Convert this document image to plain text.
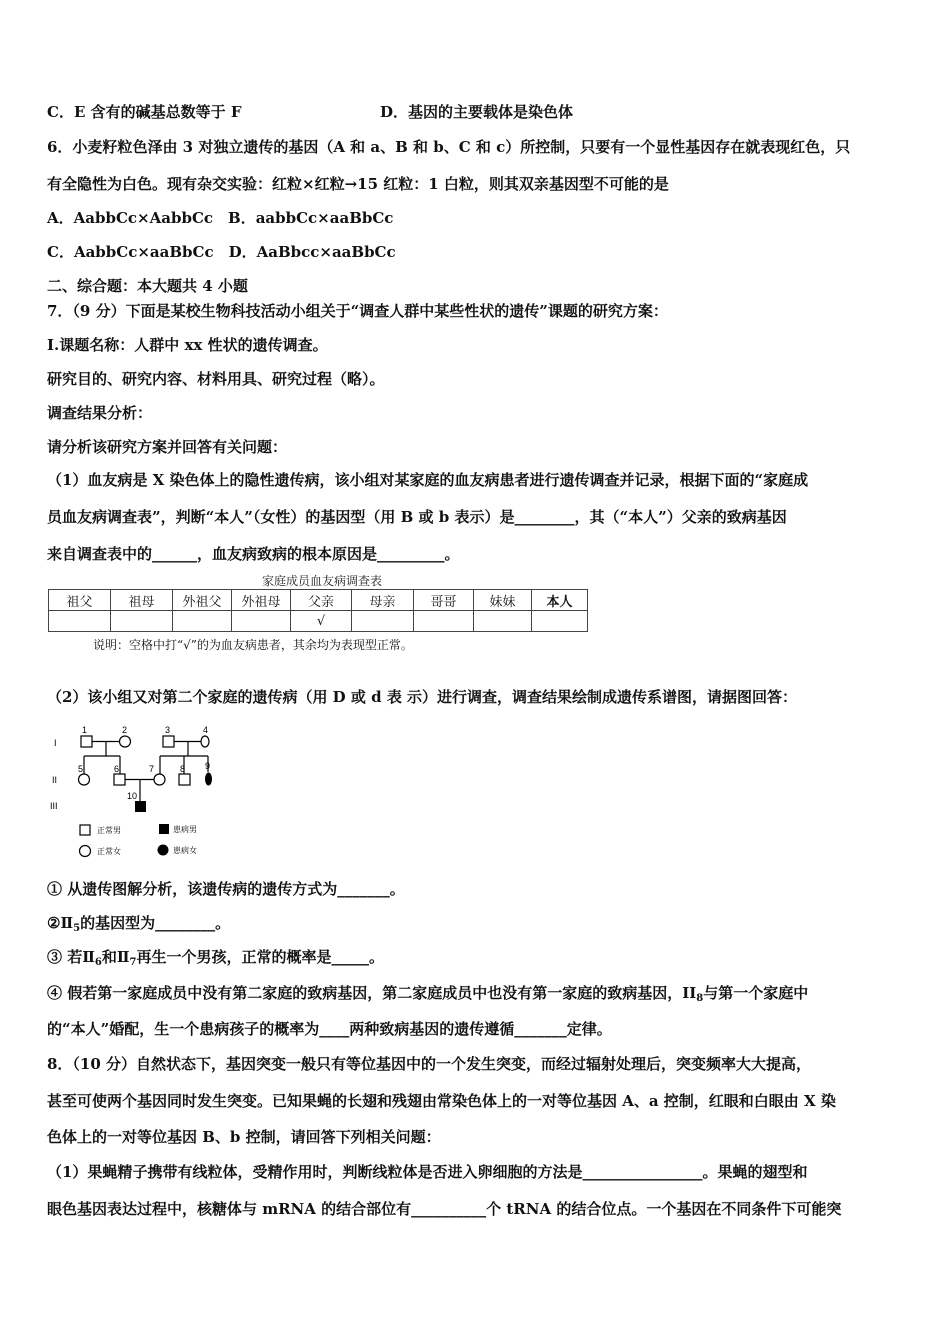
C．E 含有的碱基总数等于 F	D．基因的主要载体是染色体
6．小麦籽粒色泽由 3 对独立遗传的基因（A 和 a、B 和 b、C 和 c）所控制，只要有一个显性基因存在就表现红色，只
有全隐性为白色。现有杂交实验：红粒×红粒→15 红粒：1 白粒，则其双亲基因型不可能的是
A．AabbCc×AabbCc　B．aabbCc×aaBbCc
C．AabbCc×aaBbCc　D．AaBbcc×aaBbCc
二、综合题：本大题共 4 小题
7．（9 分）下面是某校生物科技活动小组关于“调查人群中某些性状的遗传”课题的研究方案：
I.课题名称：人群中 xx 性状的遗传调查。
研究目的、研究内容、材料用具、研究过程（略）。
调查结果分析：
请分析该研究方案并回答有关问题：
（1）血友病是 X 染色体上的隐性遗传病，该小组对某家庭的血友病患者进行遗传调查并记录，根据下面的“家庭成
员血友病调查表”，判断“本人”（女性）的基因型（用 B 或 b 表示）是________，其（“本人”）父亲的致病基因
来自调查表中的______，血友病致病的根本原因是_________。
家庭成员血友病调查表
祖父	祖母	外祖父	外祖母	父亲	母亲	哥哥	妹妹	本人
				√				
说明：空格中打“√”的为血友病患者，其余均为表现型正常。
（2）该小组又对第二个家庭的遗传病（用 D 或 d 表 示）进行调查，调查结果绘制成遗传系谱图，请据图回答：
I
II
III
1	2	3	4
5	6	7	8 9
10
正常男	患病男
正常女	患病女
① 从遗传图解分析，该遗传病的遗传方式为_______。
$②Ⅱ_5$的基因型为________。
③ 若$Ⅱ_6$和$Ⅱ_7$再生一个男孩，正常的概率是_____。
④ 假若第一家庭成员中没有第二家庭的致病基因，第二家庭成员中也没有第一家庭的致病基因，$II_8$与第一个家庭中
的“本人”婚配，生一个患病孩子的概率为____两种致病基因的遗传遵循_______定律。
8．（10 分）自然状态下，基因突变一般只有等位基因中的一个发生突变，而经过辐射处理后，突变频率大大提高，
甚至可使两个基因同时发生突变。已知果蝇的长翅和残翅由常染色体上的一对等位基因 A、a 控制，红眼和白眼由 X 染
色体上的一对等位基因 B、b 控制，请回答下列相关问题：
（1）果蝇精子携带有线粒体，受精作用时，判断线粒体是否进入卵细胞的方法是________________。果蝇的翅型和
眼色基因表达过程中，核糖体与 mRNA 的结合部位有__________个 tRNA 的结合位点。一个基因在不同条件下可能突
